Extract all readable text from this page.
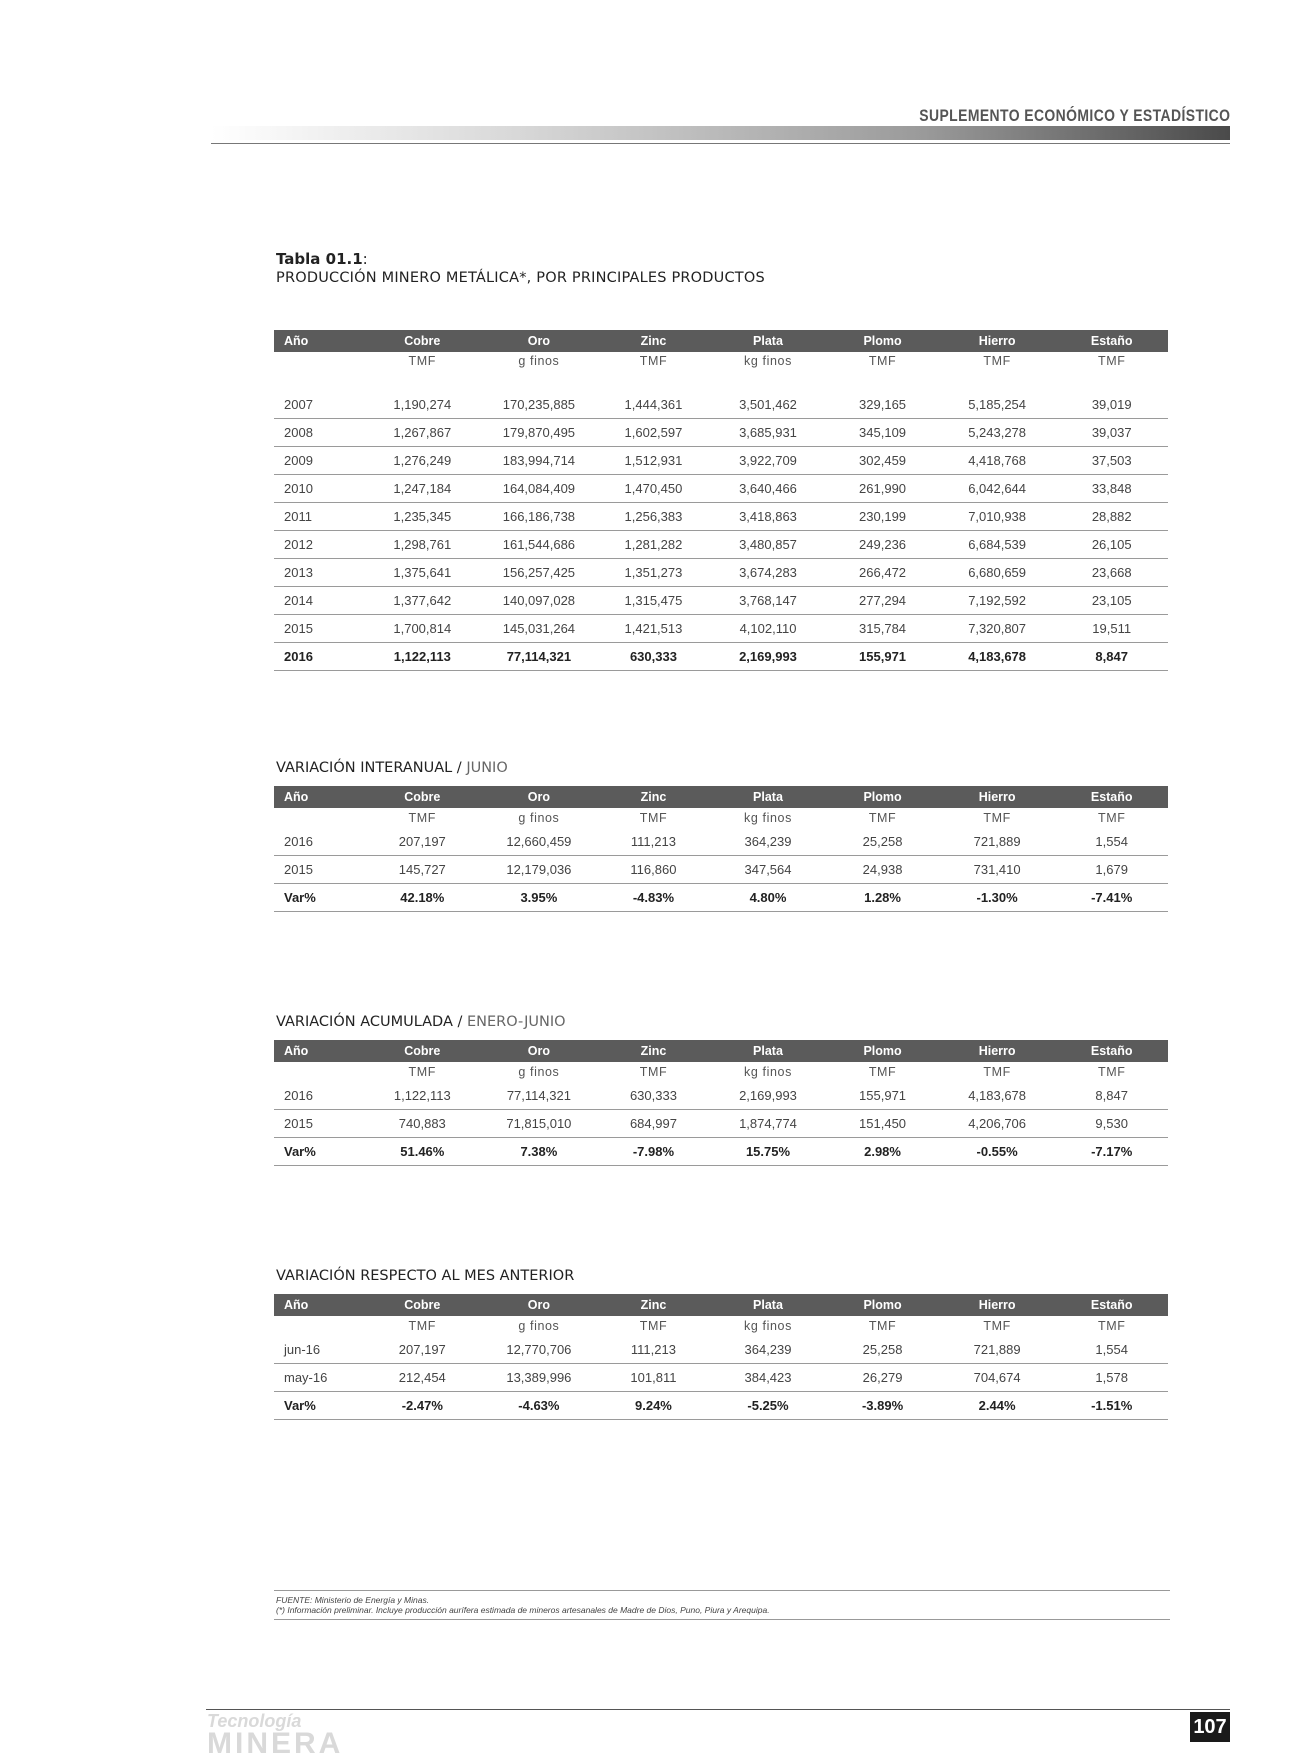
SUPLEMENTO ECONÓMICO Y ESTADÍSTICO
Tabla 01.1:
PRODUCCIÓN MINERO METÁLICA*, POR PRINCIPALES PRODUCTOS
Año	Cobre	Oro	Zinc	Plata	Plomo	Hierro	Estaño
	TMF	g finos	TMF	kg finos	TMF	TMF	TMF
2007	1,190,274	170,235,885	1,444,361	3,501,462	329,165	5,185,254	39,019
2008	1,267,867	179,870,495	1,602,597	3,685,931	345,109	5,243,278	39,037
2009	1,276,249	183,994,714	1,512,931	3,922,709	302,459	4,418,768	37,503
2010	1,247,184	164,084,409	1,470,450	3,640,466	261,990	6,042,644	33,848
2011	1,235,345	166,186,738	1,256,383	3,418,863	230,199	7,010,938	28,882
2012	1,298,761	161,544,686	1,281,282	3,480,857	249,236	6,684,539	26,105
2013	1,375,641	156,257,425	1,351,273	3,674,283	266,472	6,680,659	23,668
2014	1,377,642	140,097,028	1,315,475	3,768,147	277,294	7,192,592	23,105
2015	1,700,814	145,031,264	1,421,513	4,102,110	315,784	7,320,807	19,511
2016	1,122,113	77,114,321	630,333	2,169,993	155,971	4,183,678	8,847
VARIACIÓN INTERANUAL / JUNIO
Año	Cobre	Oro	Zinc	Plata	Plomo	Hierro	Estaño
	TMF	g finos	TMF	kg finos	TMF	TMF	TMF
2016	207,197	12,660,459	111,213	364,239	25,258	721,889	1,554
2015	145,727	12,179,036	116,860	347,564	24,938	731,410	1,679
Var%	42.18%	3.95%	-4.83%	4.80%	1.28%	-1.30%	-7.41%
VARIACIÓN ACUMULADA / ENERO-JUNIO
Año	Cobre	Oro	Zinc	Plata	Plomo	Hierro	Estaño
	TMF	g finos	TMF	kg finos	TMF	TMF	TMF
2016	1,122,113	77,114,321	630,333	2,169,993	155,971	4,183,678	8,847
2015	740,883	71,815,010	684,997	1,874,774	151,450	4,206,706	9,530
Var%	51.46%	7.38%	-7.98%	15.75%	2.98%	-0.55%	-7.17%
VARIACIÓN RESPECTO AL MES ANTERIOR
Año	Cobre	Oro	Zinc	Plata	Plomo	Hierro	Estaño
	TMF	g finos	TMF	kg finos	TMF	TMF	TMF
jun-16	207,197	12,770,706	111,213	364,239	25,258	721,889	1,554
may-16	212,454	13,389,996	101,811	384,423	26,279	704,674	1,578
Var%	-2.47%	-4.63%	9.24%	-5.25%	-3.89%	2.44%	-1.51%
FUENTE: Ministerio de Energía y Minas.
(*) Información preliminar. Incluye producción aurífera estimada de mineros artesanales de Madre de Dios, Puno, Piura y Arequipa.
Tecnología
MINERA	107
